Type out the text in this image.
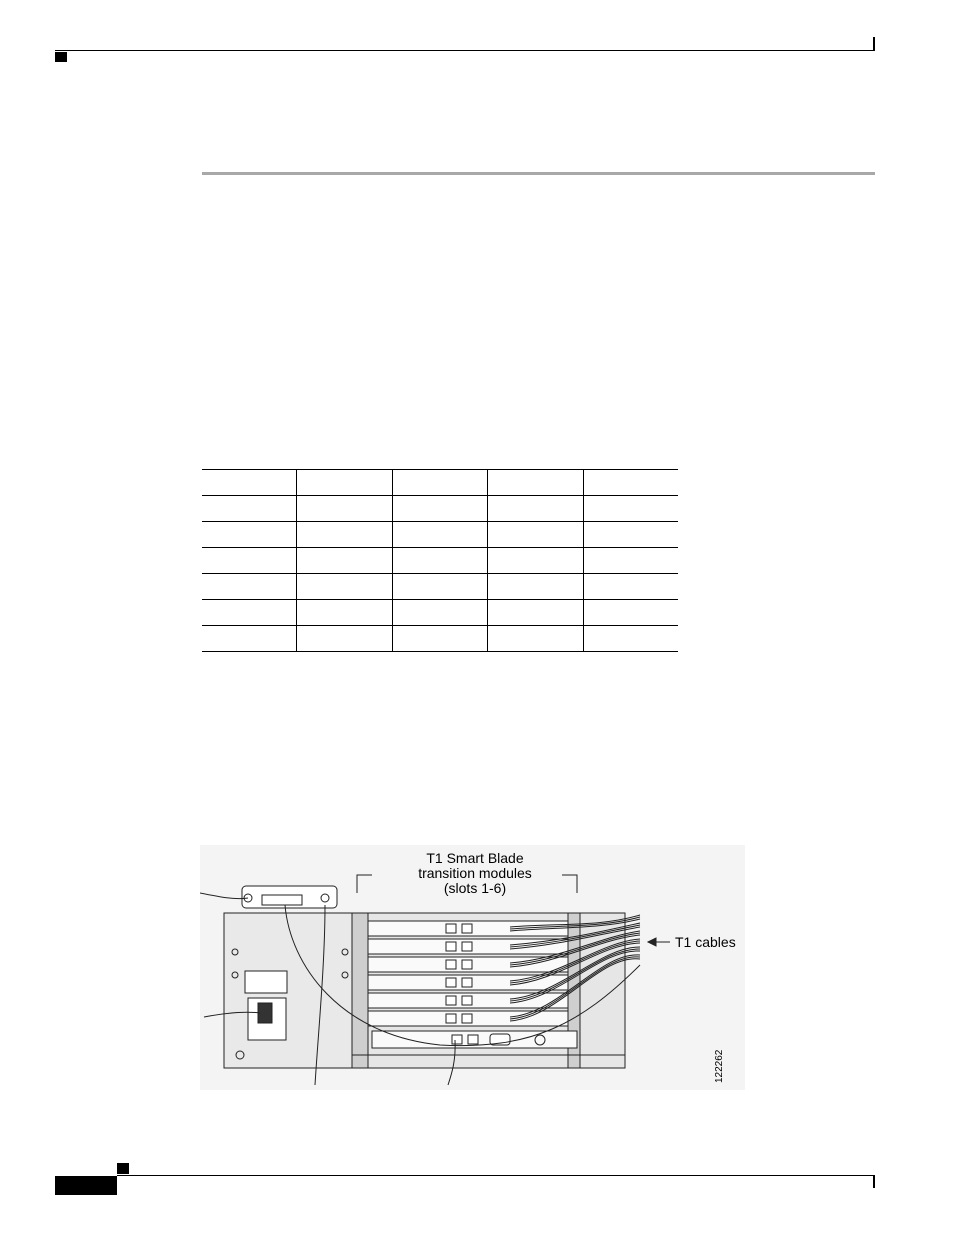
T1 Smart Blade
transition modules
(slots 1-6)
T1 cables
122262
